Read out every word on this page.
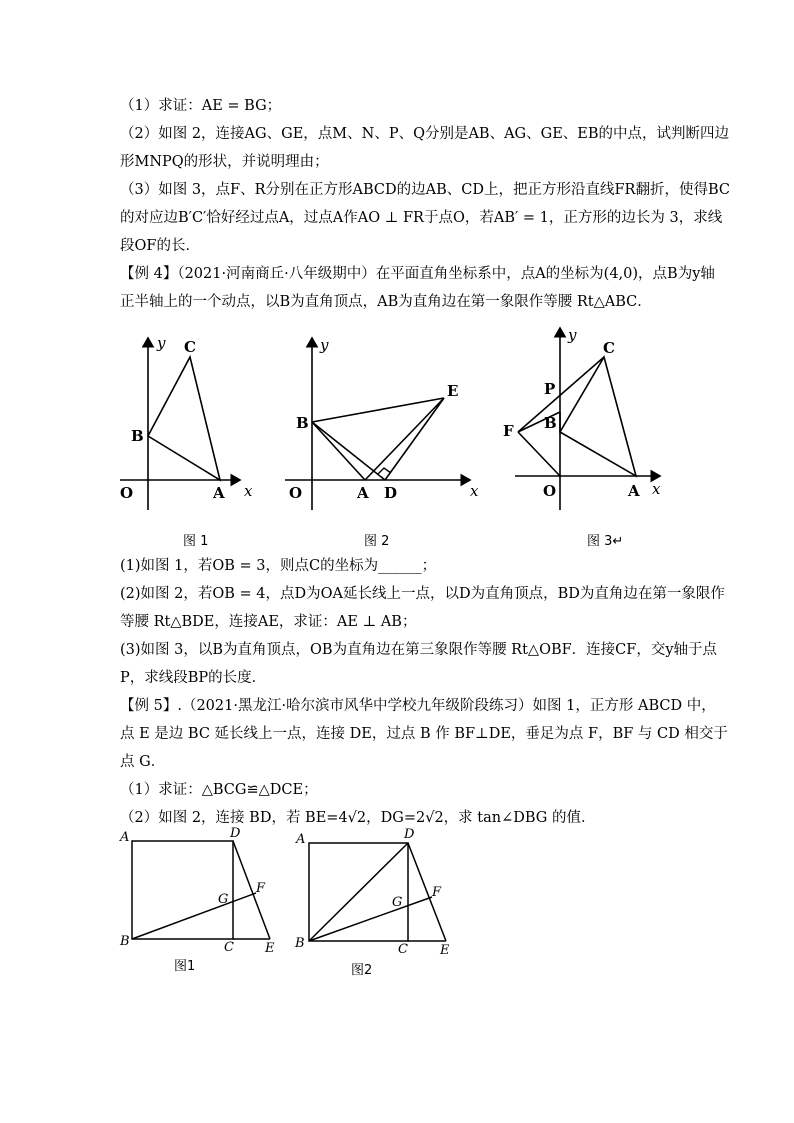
（1）求证：AE = BG；
（2）如图 2，连接AG、GE，点M、N、P、Q分别是AB、AG、GE、EB的中点，试判断四边
形MNPQ的形状，并说明理由；
（3）如图 3，点F、R分别在正方形ABCD的边AB、CD上，把正方形沿直线FR翻折，使得BC
的对应边B′C′恰好经过点A，过点A作AO ⊥ FR于点O，若AB′ = 1，正方形的边长为 3，求线
段OF的长．
【例 4】（2021·河南商丘·八年级期中）在平面直角坐标系中，点A的坐标为(4,0)，点B为y轴
正半轴上的一个动点，以B为直角顶点，AB为直角边在第一象限作等腰 Rt△ABC．
y
x
O	A
B
C	y
x
O	A D
B
E
y
x
O	A
B
C
F
P
图 1	图 2	图 3↵
(1)如图 1，若OB = 3，则点C的坐标为______；
(2)如图 2，若OB = 4，点D为OA延长线上一点，以D为直角顶点，BD为直角边在第一象限作
等腰 Rt△BDE，连接AE，求证：AE ⊥ AB；
(3)如图 3，以B为直角顶点，OB为直角边在第三象限作等腰 Rt△OBF．连接CF，交y轴于点
P，求线段BP的长度．
【例 5】.（2021·黑龙江·哈尔滨市风华中学校九年级阶段练习）如图 1，正方形 ABCD 中，
点 E 是边 BC 延长线上一点，连接 DE，过点 B 作 BF⊥DE，垂足为点 F，BF 与 CD 相交于
点 G．
（1）求证：△BCG≌△DCE；
（2）如图 2，连接 BD，若 BE=4√2，DG=2√2，求 tan∠DBG 的值．
A	D
B	C E
F
G
A	D
B	C E
F
G
图1	图2
